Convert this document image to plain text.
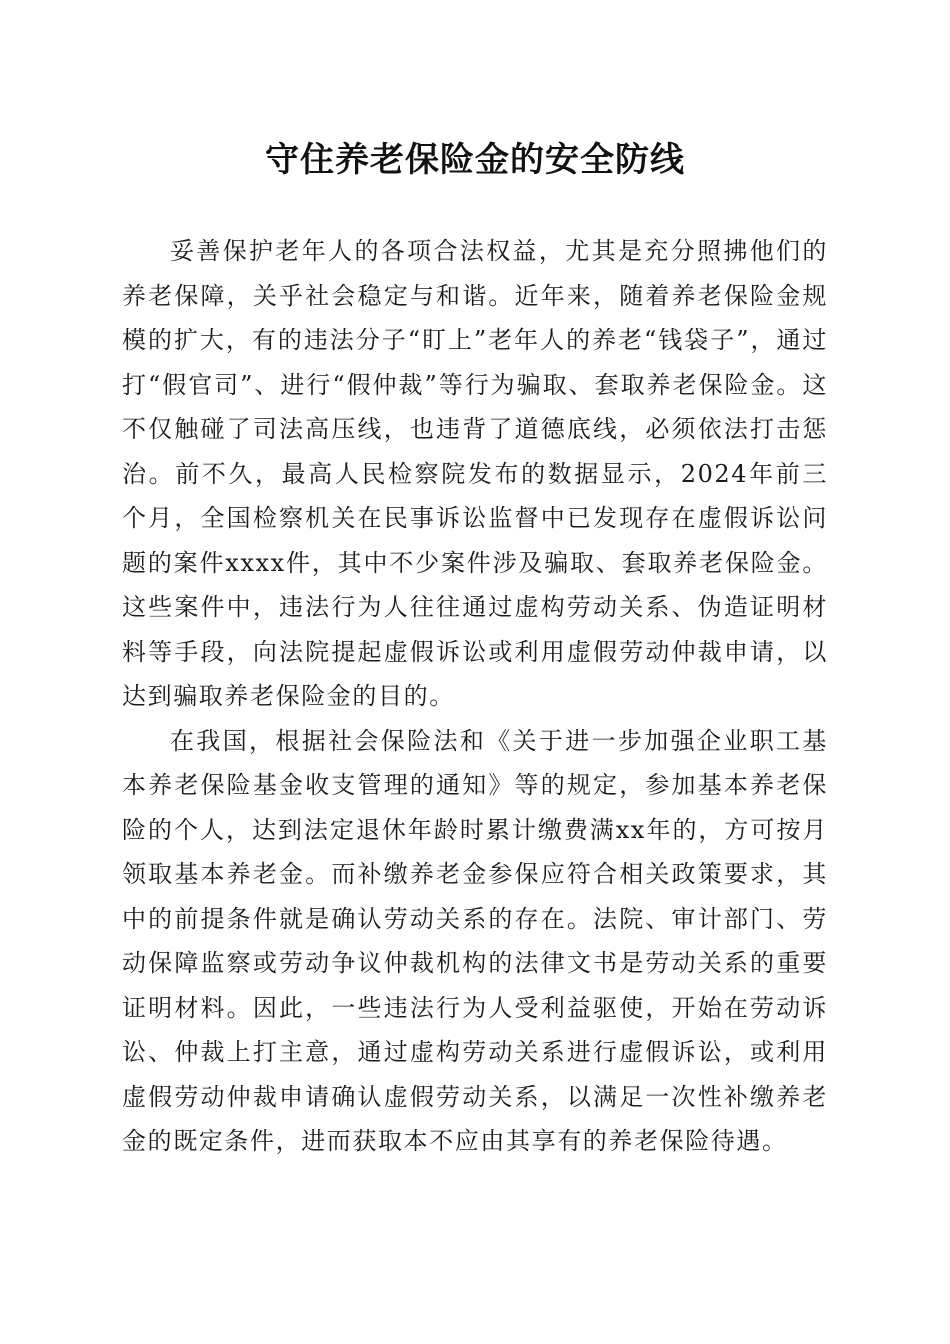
守住养老保险金的安全防线

妥善保护老年人的各项合法权益，尤其是充分照拂他们的养老保障，关乎社会稳定与和谐。近年来，随着养老保险金规模的扩大，有的违法分子“盯上”老年人的养老“钱袋子”，通过打“假官司”、进行“假仲裁”等行为骗取、套取养老保险金。这不仅触碰了司法高压线，也违背了道德底线，必须依法打击惩治。前不久，最高人民检察院发布的数据显示，2024年前三个月，全国检察机关在民事诉讼监督中已发现存在虚假诉讼问题的案件xxxx件，其中不少案件涉及骗取、套取养老保险金。这些案件中，违法行为人往往通过虚构劳动关系、伪造证明材料等手段，向法院提起虚假诉讼或利用虚假劳动仲裁申请，以达到骗取养老保险金的目的。

在我国，根据社会保险法和《关于进一步加强企业职工基本养老保险基金收支管理的通知》等的规定，参加基本养老保险的个人，达到法定退休年龄时累计缴费满xx年的，方可按月领取基本养老金。而补缴养老金参保应符合相关政策要求，其中的前提条件就是确认劳动关系的存在。法院、审计部门、劳动保障监察或劳动争议仲裁机构的法律文书是劳动关系的重要证明材料。因此，一些违法行为人受利益驱使，开始在劳动诉讼、仲裁上打主意，通过虚构劳动关系进行虚假诉讼，或利用虚假劳动仲裁申请确认虚假劳动关系，以满足一次性补缴养老金的既定条件，进而获取本不应由其享有的养老保险待遇。
